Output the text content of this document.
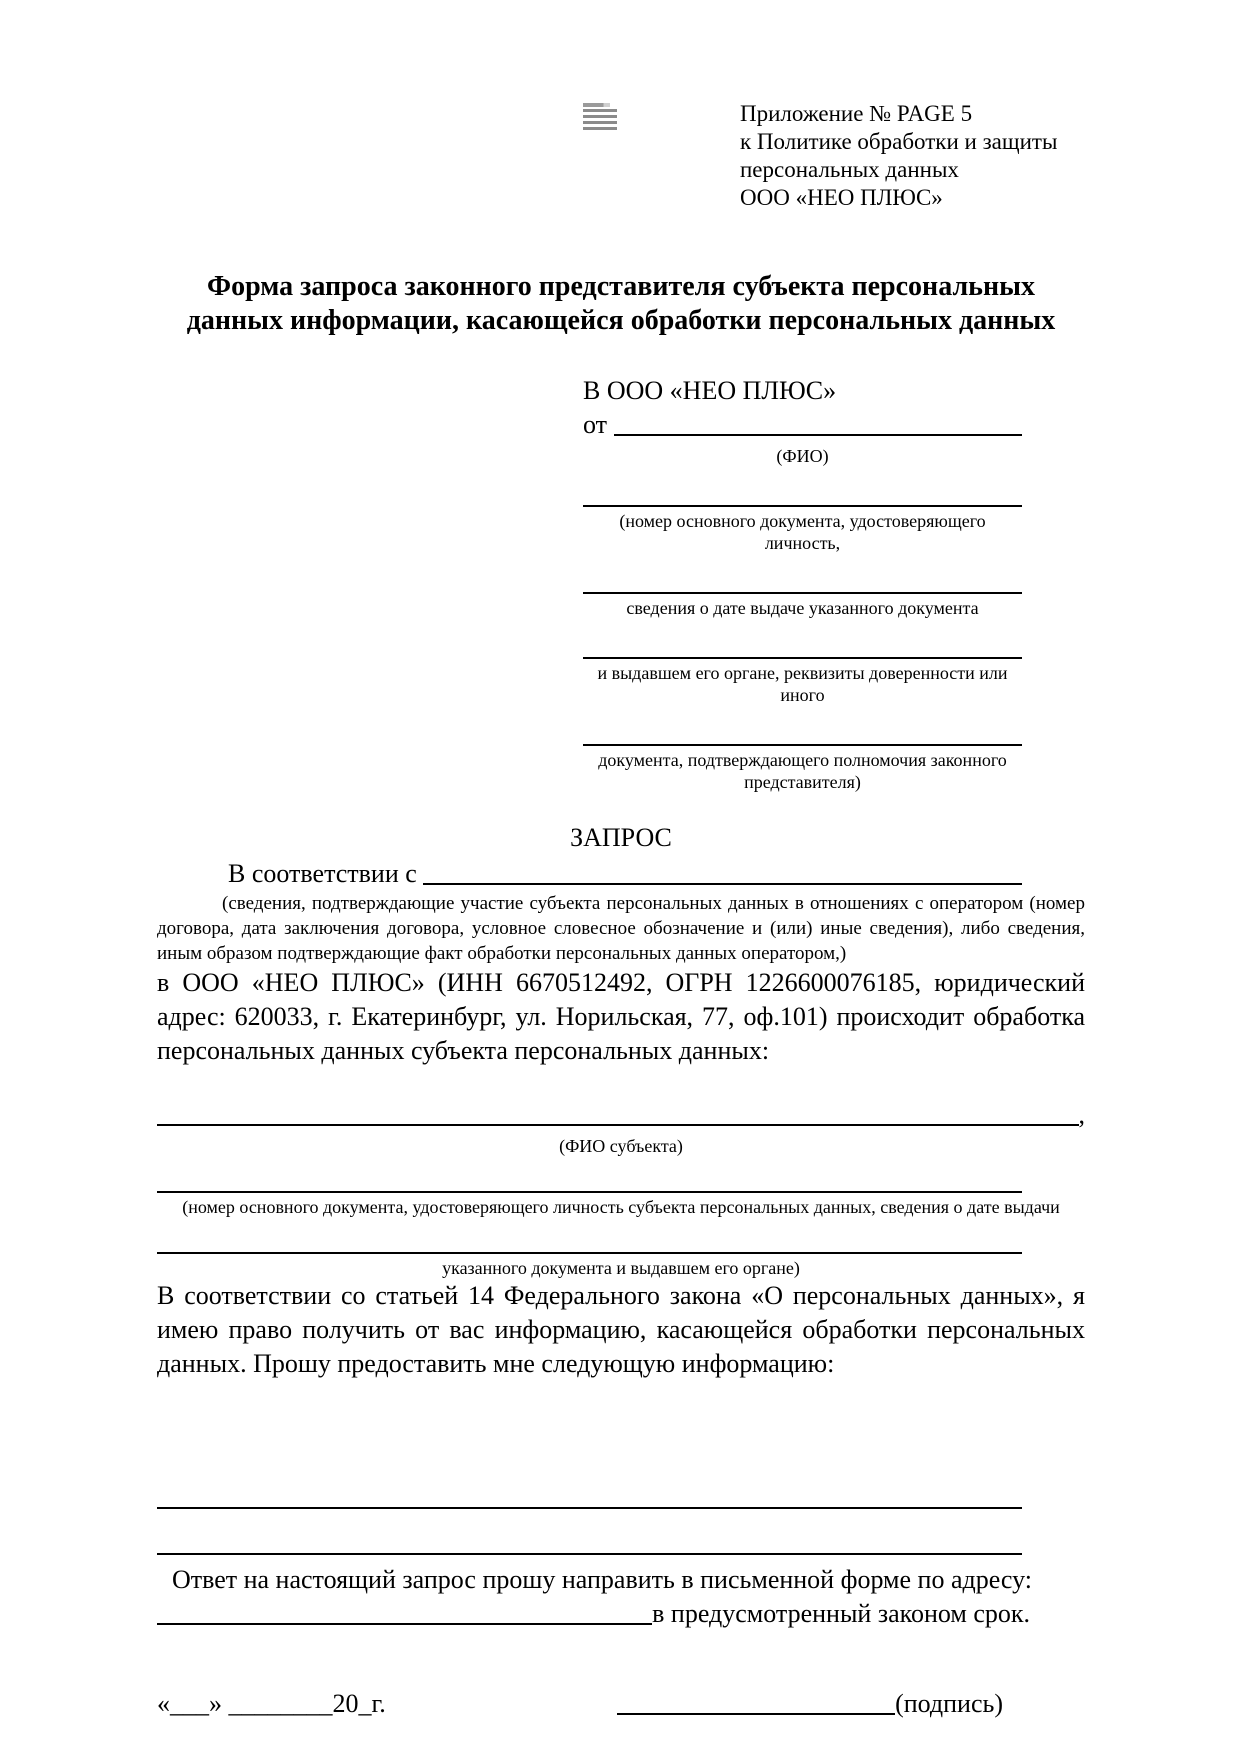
Приложение № PAGE 5
к Политике обработки и защиты
персональных данных
ООО «НЕО ПЛЮС»
Форма запроса законного представителя субъекта персональных данных информации, касающейся обработки персональных данных
В ООО «НЕО ПЛЮС»
от

(ФИО)
(номер основного документа, удостоверяющего личность,
сведения о дате выдаче указанного документа
и выдавшем его органе, реквизиты доверенности или иного
документа, подтверждающего полномочия законного представителя)
ЗАПРОС
В соответствии с

(сведения, подтверждающие участие субъекта персональных данных в отношениях с оператором (номер договора, дата заключения договора, условное словесное обозначение и (или) иные сведения), либо сведения, иным образом подтверждающие факт обработки персональных данных оператором,)

в ООО «НЕО ПЛЮС» (ИНН 6670512492, ОГРН 1226600076185, юридический адрес: 620033, г. Екатеринбург, ул. Норильская, 77, оф.101) происходит обработка персональных данных субъекта персональных данных:

,
(ФИО субъекта)
(номер основного документа, удостоверяющего личность субъекта персональных данных, сведения о дате выдачи
указанного документа и выдавшем его органе)

В соответствии со статьей 14 Федерального закона «О персональных данных», я имею право получить от вас информацию, касающейся обработки персональных данных. Прошу предоставить мне следующую информацию:

Ответ на настоящий запрос прошу направить в письменной форме по адресу:
в предусмотренный законом срок.
«___» ________20_г.	(подпись)
